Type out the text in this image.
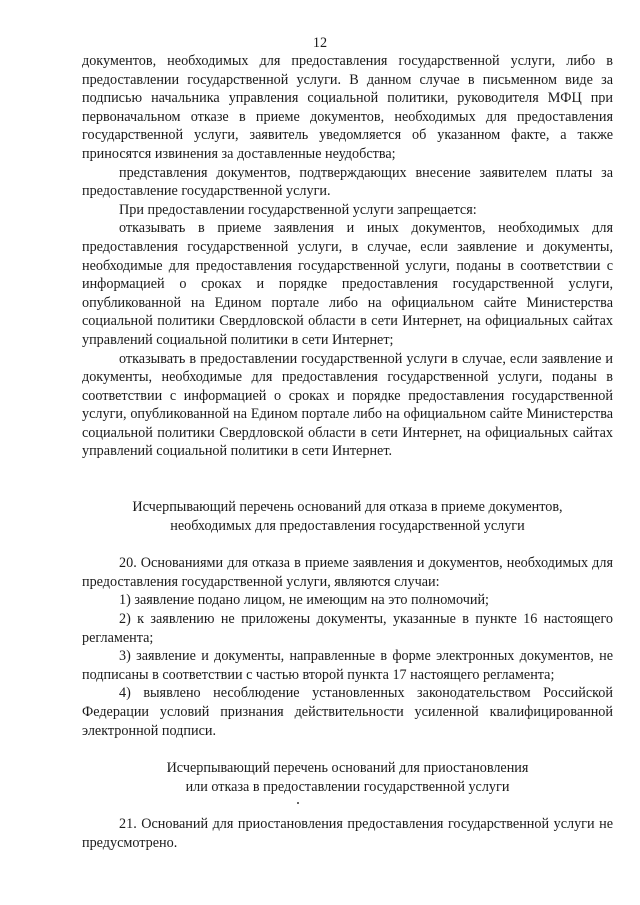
12

документов, необходимых для предоставления государственной услуги, либо в предоставлении государственной услуги. В данном случае в письменном виде за подписью начальника управления социальной политики, руководителя МФЦ при первоначальном отказе в приеме документов, необходимых для предоставления государственной услуги, заявитель уведомляется об указанном факте, а также приносятся извинения за доставленные неудобства;

представления документов, подтверждающих внесение заявителем платы за предоставление государственной услуги.

При предоставлении государственной услуги запрещается:

отказывать в приеме заявления и иных документов, необходимых для предоставления государственной услуги, в случае, если заявление и документы, необходимые для предоставления государственной услуги, поданы в соответствии с информацией о сроках и порядке предоставления государственной услуги, опубликованной на Едином портале либо на официальном сайте Министерства социальной политики Свердловской области в сети Интернет, на официальных сайтах управлений социальной политики в сети Интернет;

отказывать в предоставлении государственной услуги в случае, если заявление и документы, необходимые для предоставления государственной услуги, поданы в соответствии с информацией о сроках и порядке предоставления государственной услуги, опубликованной на Едином портале либо на официальном сайте Министерства социальной политики Свердловской области в сети Интернет, на официальных сайтах управлений социальной политики в сети Интернет.

Исчерпывающий перечень оснований для отказа в приеме документов,

необходимых для предоставления государственной услуги

20. Основаниями для отказа в приеме заявления и документов, необходимых для предоставления государственной услуги, являются случаи:

1) заявление подано лицом, не имеющим на это полномочий;

2) к заявлению не приложены документы, указанные в пункте 16 настоящего регламента;

3) заявление и документы, направленные в форме электронных документов, не подписаны в соответствии с частью второй пункта 17 настоящего регламента;

4) выявлено несоблюдение установленных законодательством Российской Федерации условий признания действительности усиленной квалифицированной электронной подписи.

Исчерпывающий перечень оснований для приостановления

или отказа в предоставлении государственной услуги

21. Оснований для приостановления предоставления государственной услуги не предусмотрено.
